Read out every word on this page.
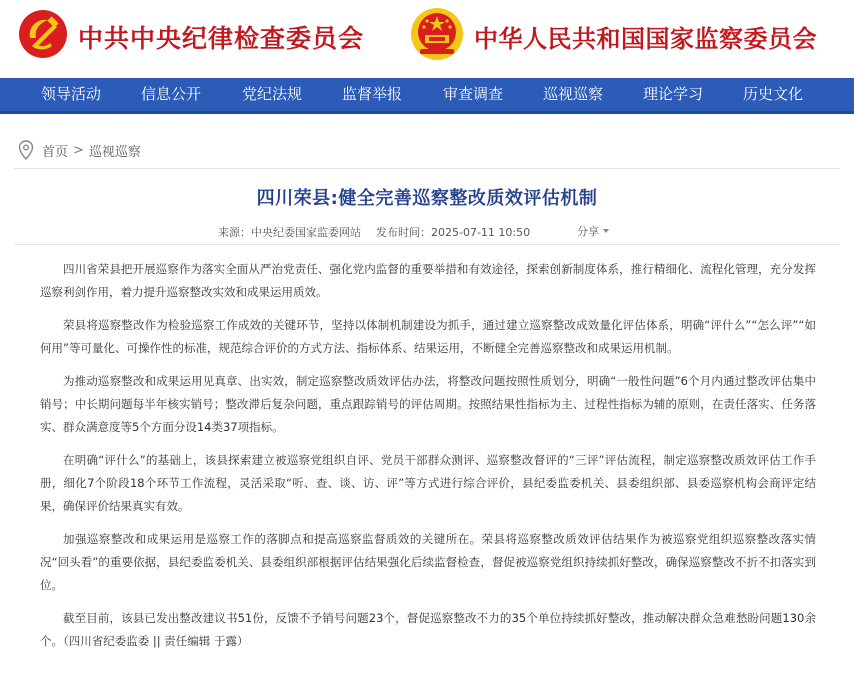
中共中央纪律检查委员会	中华人民共和国国家监察委员会
领导活动	信息公开	党纪法规	监督举报	审查调查	巡视巡察	理论学习	历史文化
首页 > 巡视巡察
四川荣县:健全完善巡察整改质效评估机制
来源：中央纪委国家监委网站 发布时间：2025-07-11 10:50	分享

四川省荣县把开展巡察作为落实全面从严治党责任、强化党内监督的重要举措和有效途径，探索创新制度体系，推行精细化、流程化管理，充分发挥巡察利剑作用，着力提升巡察整改实效和成果运用质效。

荣县将巡察整改作为检验巡察工作成效的关键环节，坚持以体制机制建设为抓手，通过建立巡察整改成效量化评估体系，明确“评什么”“怎么评”“如何用”等可量化、可操作性的标准，规范综合评价的方式方法、指标体系、结果运用，不断健全完善巡察整改和成果运用机制。

为推动巡察整改和成果运用见真章、出实效，制定巡察整改质效评估办法，将整改问题按照性质划分，明确“一般性问题”6个月内通过整改评估集中销号；中长期问题每半年核实销号；整改滞后复杂问题，重点跟踪销号的评估周期。按照结果性指标为主、过程性指标为辅的原则，在责任落实、任务落实、群众满意度等5个方面分设14类37项指标。

在明确“评什么”的基础上，该县探索建立被巡察党组织自评、党员干部群众测评、巡察整改督评的“三评”评估流程，制定巡察整改质效评估工作手册，细化7个阶段18个环节工作流程，灵活采取“听、查、谈、访、评”等方式进行综合评价，县纪委监委机关、县委组织部、县委巡察机构会商评定结果，确保评价结果真实有效。

加强巡察整改和成果运用是巡察工作的落脚点和提高巡察监督质效的关键所在。荣县将巡察整改质效评估结果作为被巡察党组织巡察整改落实情况“回头看”的重要依据，县纪委监委机关、县委组织部根据评估结果强化后续监督检查，督促被巡察党组织持续抓好整改，确保巡察整改不折不扣落实到位。

截至目前，该县已发出整改建议书51份，反馈不予销号问题23个，督促巡察整改不力的35个单位持续抓好整改，推动解决群众急难愁盼问题130余个。（四川省纪委监委 || 责任编辑 于露）
